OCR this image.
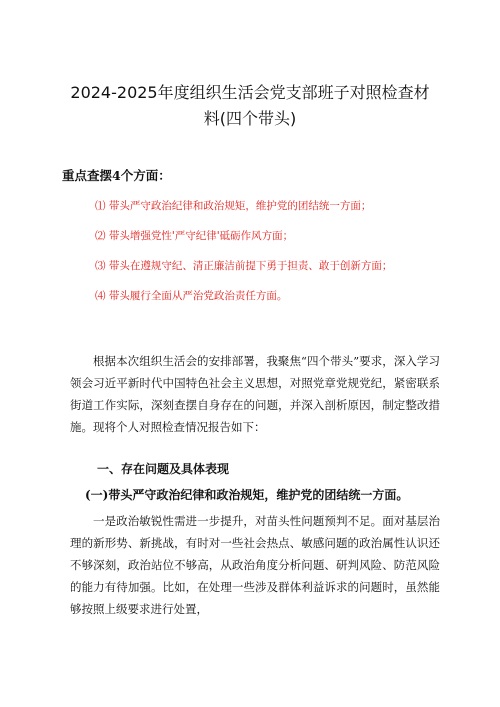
2024-2025年度组织生活会党支部班子对照检查材
料(四个带头)
重点查摆4个方面：
⑴ 带头严守政治纪律和政治规矩，维护党的团结统一方面；
⑵ 带头增强党性'严守纪律'砥砺作风方面；
⑶ 带头在遵规守纪、清正廉洁前提下勇于担责、敢于创新方面；
⑷ 带头履行全面从严治党政治责任方面。

根据本次组织生活会的安排部署，我聚焦“四个带头”要求，深入学习领会习近平新时代中国特色社会主义思想，对照党章党规党纪，紧密联系街道工作实际，深刻查摆自身存在的问题，并深入剖析原因，制定整改措施。现将个人对照检查情况报告如下：

一、存在问题及具体表现

(一)带头严守政治纪律和政治规矩，维护党的团结统一方面。

一是政治敏锐性需进一步提升，对苗头性问题预判不足。面对基层治理的新形势、新挑战，有时对一些社会热点、敏感问题的政治属性认识还不够深刻，政治站位不够高，从政治角度分析问题、研判风险、防范风险的能力有待加强。比如，在处理一些涉及群体利益诉求的问题时，虽然能够按照上级要求进行处置，
